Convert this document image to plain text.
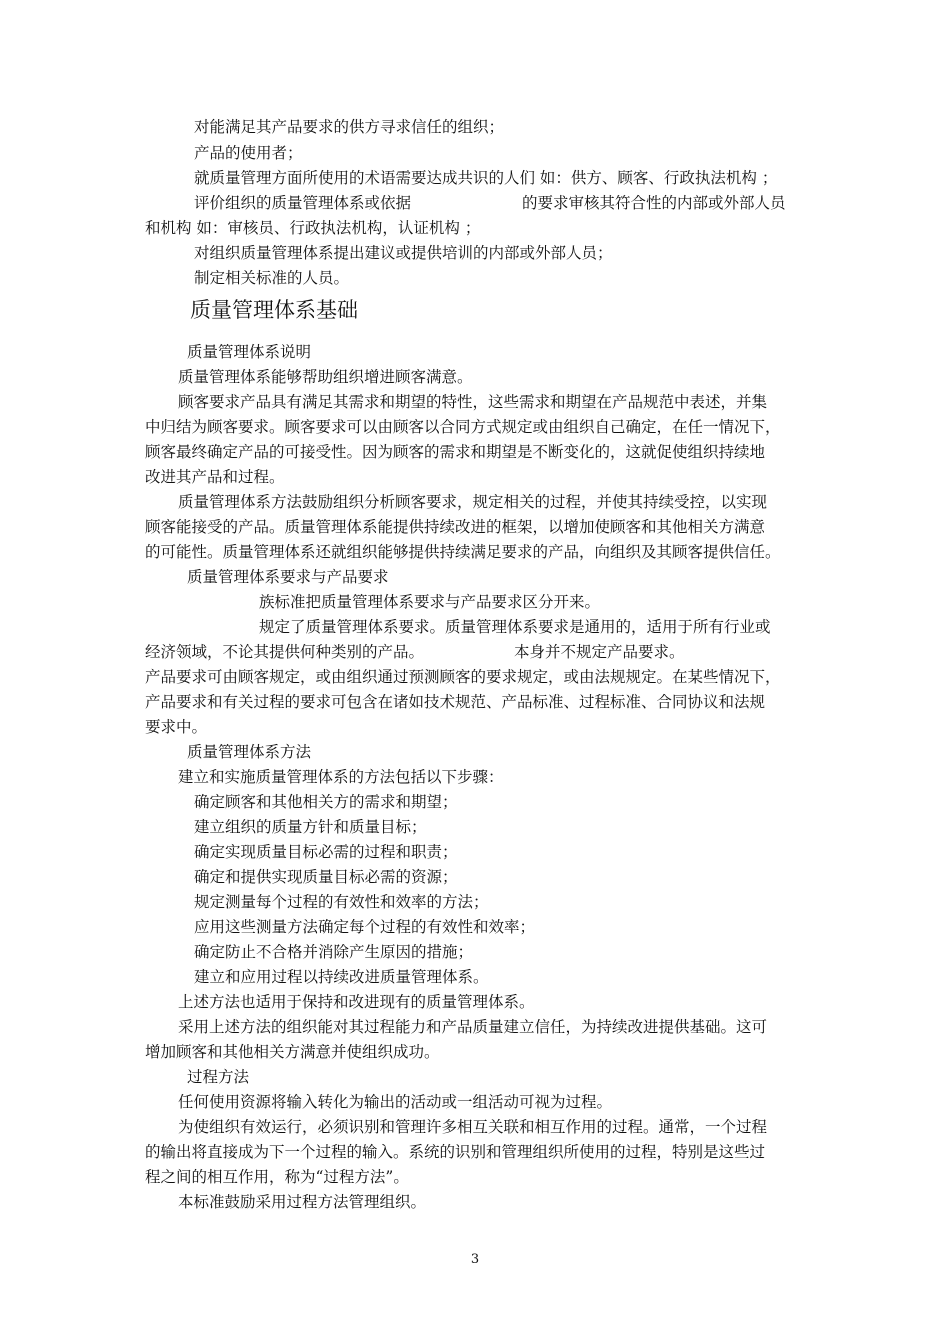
对能满足其产品要求的供方寻求信任的组织；

产品的使用者；

就质量管理方面所使用的术语需要达成共识的人们 如：供方、顾客、行政执法机构 ；

评价组织的质量管理体系或依据	的要求审核其符合性的内部或外部人员

和机构 如：审核员、行政执法机构，认证机构 ；

对组织质量管理体系提出建议或提供培训的内部或外部人员；

制定相关标准的人员。

质量管理体系基础

质量管理体系说明

质量管理体系能够帮助组织增进顾客满意。

顾客要求产品具有满足其需求和期望的特性，这些需求和期望在产品规范中表述，并集

中归结为顾客要求。顾客要求可以由顾客以合同方式规定或由组织自己确定，在任一情况下，

顾客最终确定产品的可接受性。因为顾客的需求和期望是不断变化的，这就促使组织持续地

改进其产品和过程。

质量管理体系方法鼓励组织分析顾客要求，规定相关的过程，并使其持续受控，以实现

顾客能接受的产品。质量管理体系能提供持续改进的框架，以增加使顾客和其他相关方满意

的可能性。质量管理体系还就组织能够提供持续满足要求的产品，向组织及其顾客提供信任。

质量管理体系要求与产品要求

族标准把质量管理体系要求与产品要求区分开来。

规定了质量管理体系要求。质量管理体系要求是通用的，适用于所有行业或

经济领域，不论其提供何种类别的产品。	本身并不规定产品要求。

产品要求可由顾客规定，或由组织通过预测顾客的要求规定，或由法规规定。在某些情况下，

产品要求和有关过程的要求可包含在诸如技术规范、产品标准、过程标准、合同协议和法规

要求中。

质量管理体系方法

建立和实施质量管理体系的方法包括以下步骤：

确定顾客和其他相关方的需求和期望；

建立组织的质量方针和质量目标；

确定实现质量目标必需的过程和职责；

确定和提供实现质量目标必需的资源；

规定测量每个过程的有效性和效率的方法；

应用这些测量方法确定每个过程的有效性和效率；

确定防止不合格并消除产生原因的措施；

建立和应用过程以持续改进质量管理体系。

上述方法也适用于保持和改进现有的质量管理体系。

采用上述方法的组织能对其过程能力和产品质量建立信任，为持续改进提供基础。这可

增加顾客和其他相关方满意并使组织成功。

过程方法

任何使用资源将输入转化为输出的活动或一组活动可视为过程。

为使组织有效运行，必须识别和管理许多相互关联和相互作用的过程。通常，一个过程

的输出将直接成为下一个过程的输入。系统的识别和管理组织所使用的过程，特别是这些过

程之间的相互作用，称为“过程方法”。

本标准鼓励采用过程方法管理组织。

3
